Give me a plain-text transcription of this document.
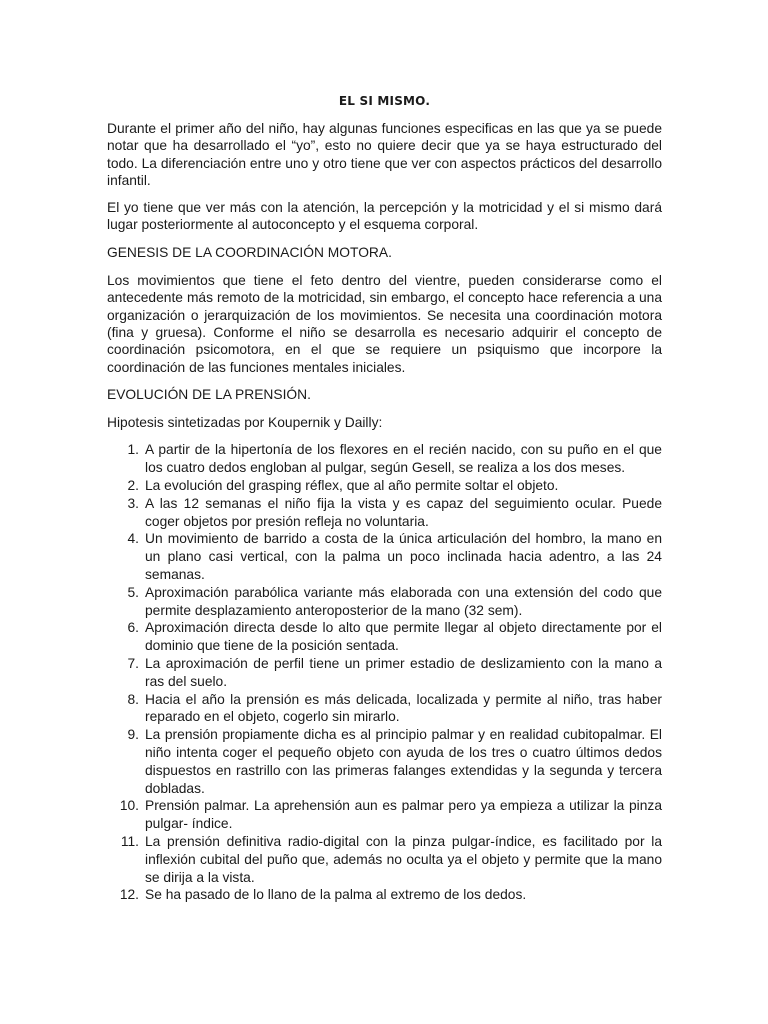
EL SI MISMO.

Durante el primer año del niño, hay algunas funciones especificas en las que ya se puede notar que ha desarrollado el “yo”, esto no quiere decir que ya se haya estructurado del todo. La diferenciación entre uno y otro tiene que ver con aspectos prácticos del desarrollo infantil.

El yo tiene que ver más con la atención, la percepción y la motricidad y el si mismo dará lugar posteriormente al autoconcepto y el esquema corporal.

GENESIS DE LA COORDINACIÓN MOTORA.

Los movimientos que tiene el feto dentro del vientre, pueden considerarse como el antecedente más remoto de la motricidad, sin embargo, el concepto hace referencia a una organización o jerarquización de los movimientos. Se necesita una coordinación motora (fina y gruesa). Conforme el niño se desarrolla es necesario adquirir el concepto de coordinación psicomotora, en el que se requiere un psiquismo que incorpore la coordinación de las funciones mentales iniciales.

EVOLUCIÓN DE LA PRENSIÓN.

Hipotesis sintetizadas por Koupernik y Dailly:

1. A partir de la hipertonía de los flexores en el recién nacido, con su puño en el que los cuatro dedos engloban al pulgar, según Gesell, se realiza a los dos meses.
2. La evolución del grasping réflex, que al año permite soltar el objeto.
3. A las 12 semanas el niño fija la vista y es capaz del seguimiento ocular. Puede coger objetos por presión refleja no voluntaria.
4. Un movimiento de barrido a costa de la única articulación del hombro, la mano en un plano casi vertical, con la palma un poco inclinada hacia adentro, a las 24 semanas.
5. Aproximación parabólica variante más elaborada con una extensión del codo que permite desplazamiento anteroposterior de la mano (32 sem).
6. Aproximación directa desde lo alto que permite llegar al objeto directamente por el dominio que tiene de la posición sentada.
7. La aproximación de perfil tiene un primer estadio de deslizamiento con la mano a ras del suelo.
8. Hacia el año la prensión es más delicada, localizada y permite al niño, tras haber reparado en el objeto, cogerlo sin mirarlo.
9. La prensión propiamente dicha es al principio palmar y en realidad cubitopalmar. El niño intenta coger el pequeño objeto con ayuda de los tres o cuatro últimos dedos dispuestos en rastrillo con las primeras falanges extendidas y la segunda y tercera dobladas.
10. Prensión palmar. La aprehensión aun es palmar pero ya empieza a utilizar la pinza pulgar- índice.
11. La prensión definitiva radio-digital con la pinza pulgar-índice, es facilitado por la inflexión cubital del puño que, además no oculta ya el objeto y permite que la mano se dirija a la vista.
12. Se ha pasado de lo llano de la palma al extremo de los dedos.
